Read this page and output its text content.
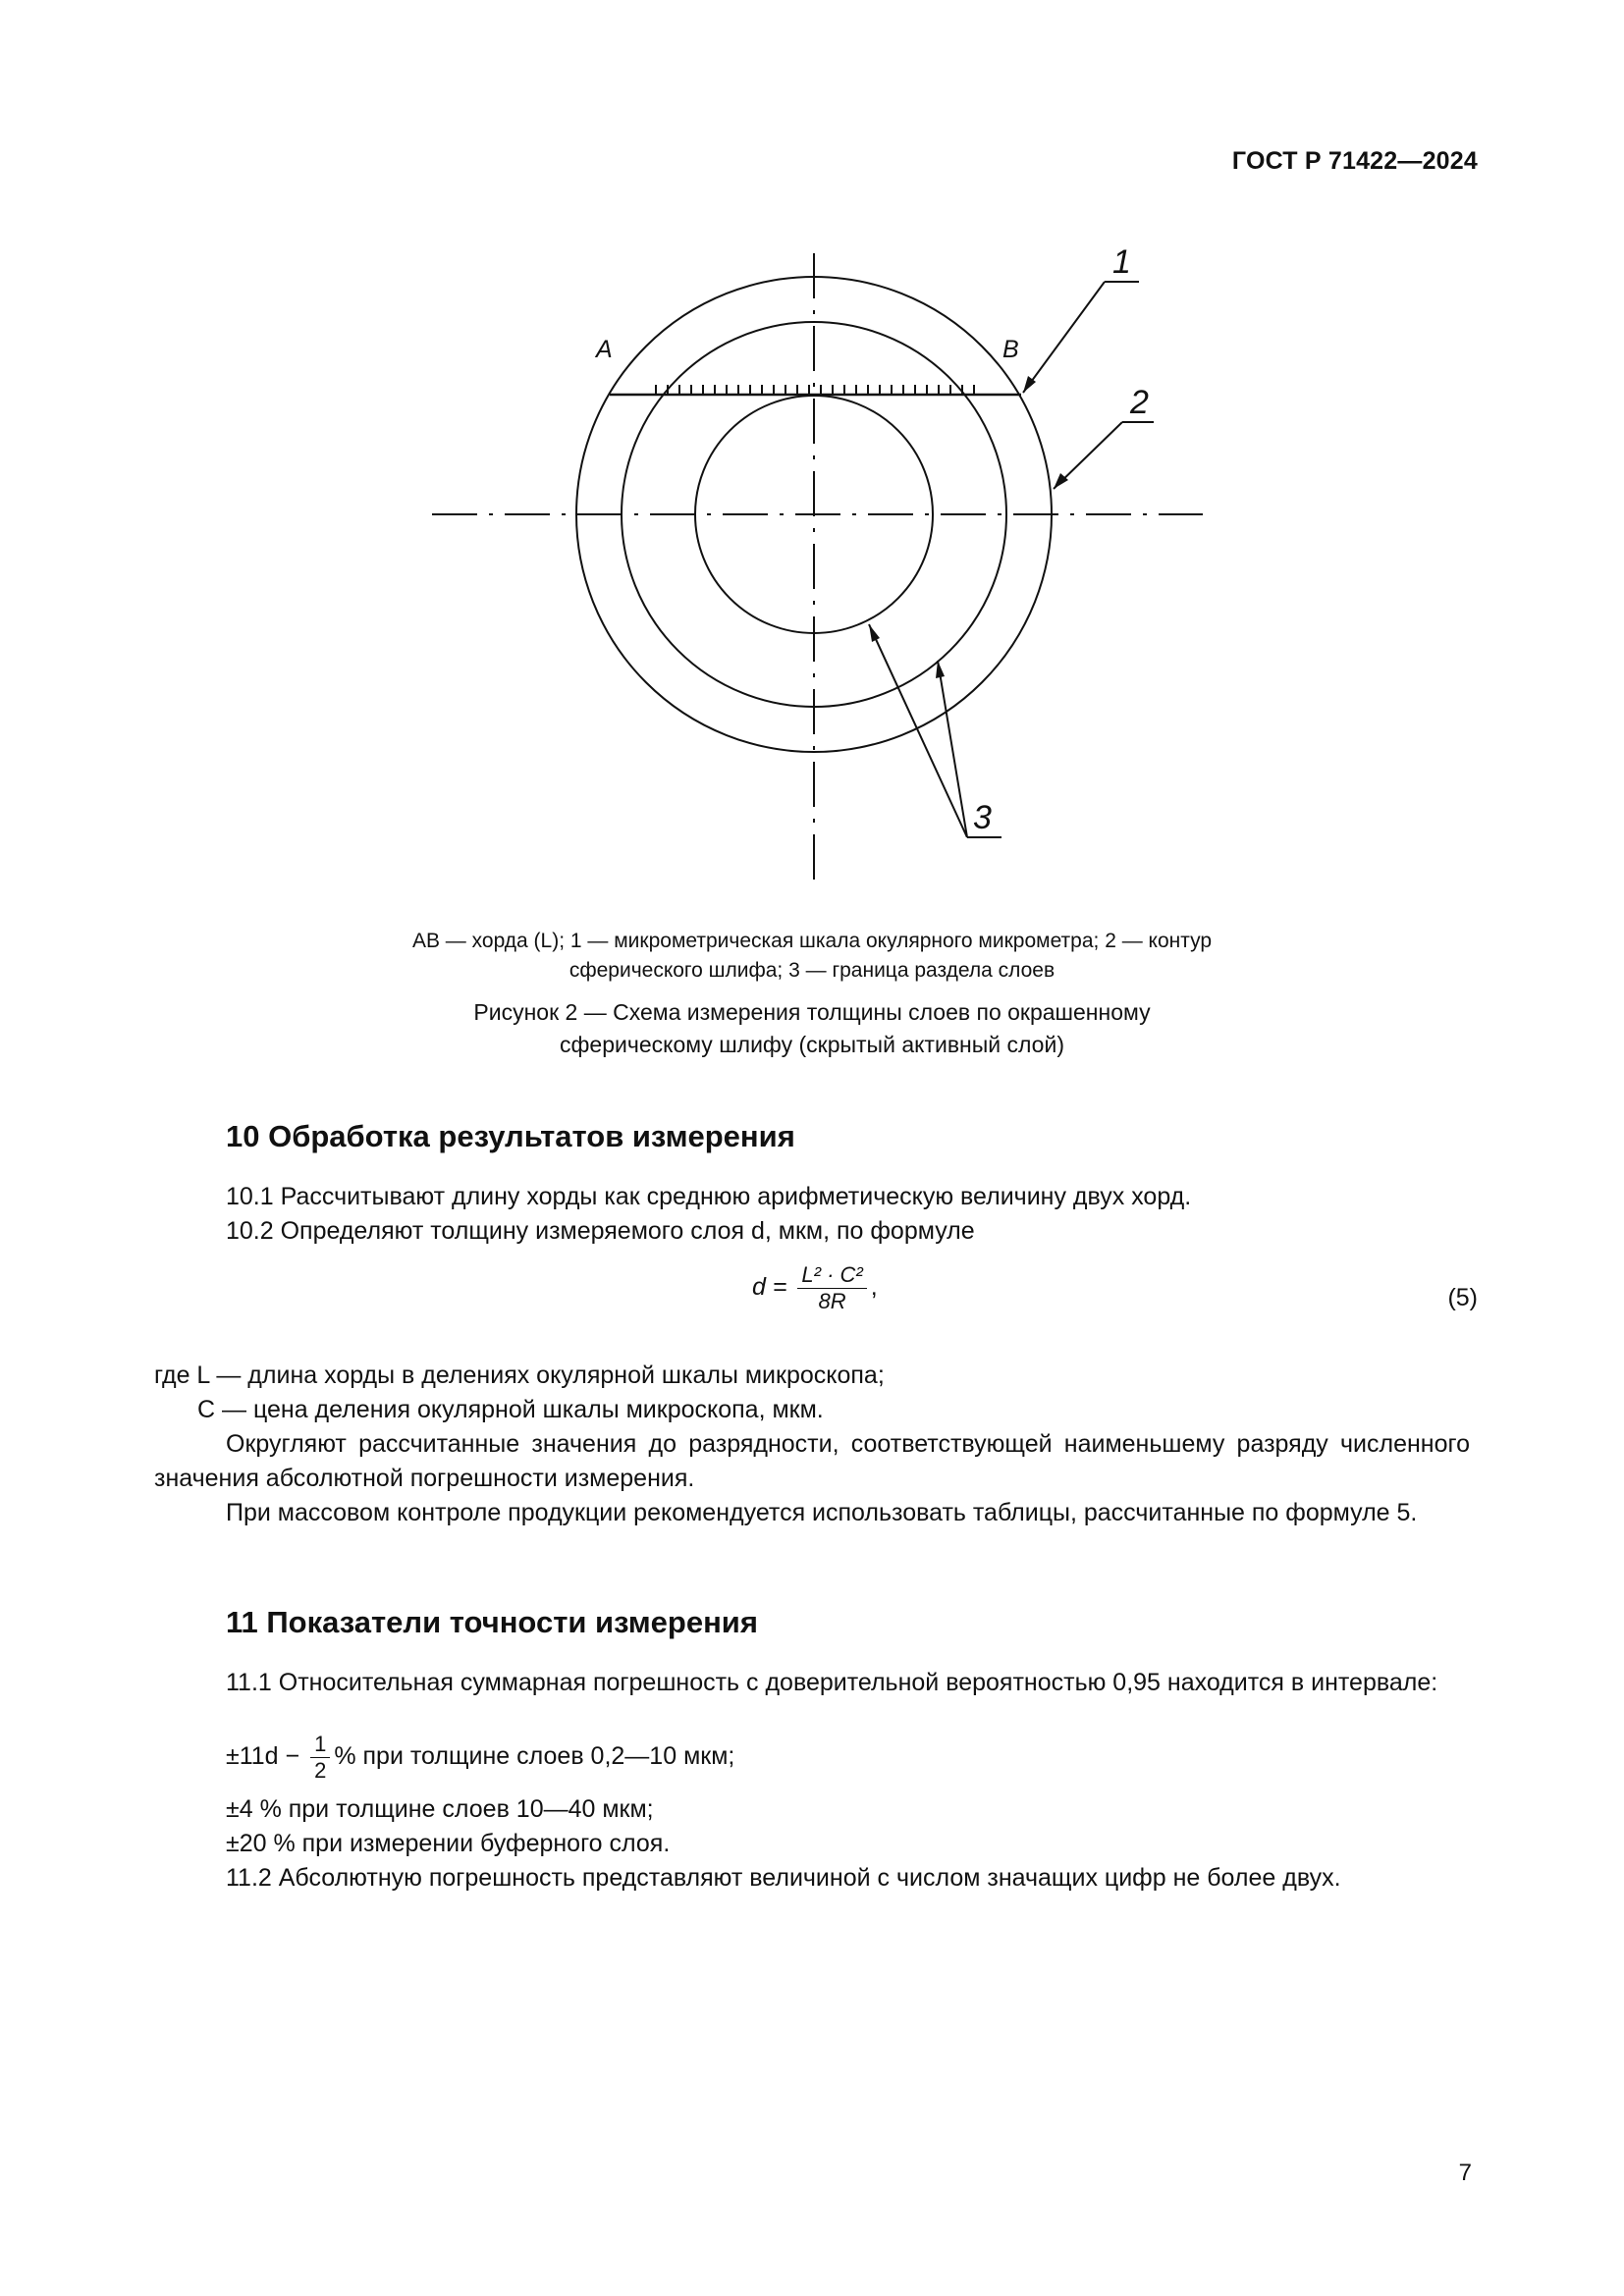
ГОСТ Р 71422—2024
A	B
1
2
3
AB — хорда (L); 1 — микрометрическая шкала окулярного микрометра; 2 — контур
сферического шлифа; 3 — граница раздела слоев
Рисунок 2 — Схема измерения толщины слоев по окрашенному
сферическому шлифу (скрытый активный слой)
10 Обработка результатов измерения
10.1 Рассчитывают длину хорды как среднюю арифметическую величину двух хорд.
10.2 Определяют толщину измеряемого слоя d, мкм, по формуле
$d = \frac{\text{L² · C²}}{8R}$ ,	(5)
где L — длина хорды в делениях окулярной шкалы микроскопа;
C — цена деления окулярной шкалы микроскопа, мкм.
Округляют рассчитанные значения до разрядности, соответствующей наименьшему разряду численного значения абсолютной погрешности измерения.
При массовом контроле продукции рекомендуется использовать таблицы, рассчитанные по формуле 5.
11 Показатели точности измерения
11.1 Относительная суммарная погрешность с доверительной вероятностью 0,95 находится в интервале:
$\pm 11d - \frac{1}{2}$ % при толщине слоев 0,2—10 мкм;
±4 % при толщине слоев 10—40 мкм;
±20 % при измерении буферного слоя.
11.2 Абсолютную погрешность представляют величиной с числом значащих цифр не более двух.
7
